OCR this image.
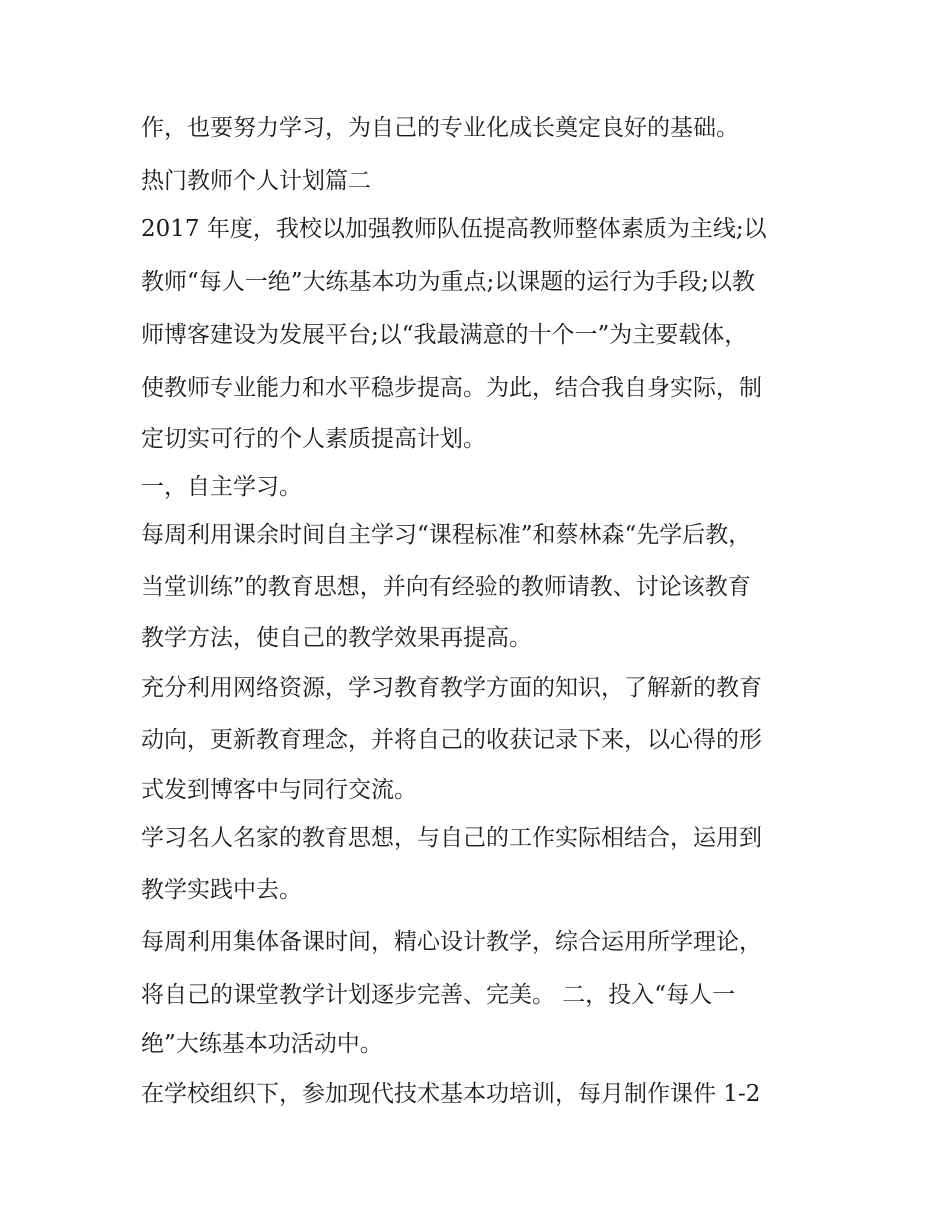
作，也要努力学习，为自己的专业化成长奠定良好的基础。
热门教师个人计划篇二
2017 年度，我校以加强教师队伍提高教师整体素质为主线;以
教师“每人一绝”大练基本功为重点;以课题的运行为手段;以教
师博客建设为发展平台;以“我最满意的十个一”为主要载体，
使教师专业能力和水平稳步提高。为此，结合我自身实际，制
定切实可行的个人素质提高计划。
一，自主学习。
每周利用课余时间自主学习“课程标准”和蔡林森“先学后教，
当堂训练”的教育思想，并向有经验的教师请教、讨论该教育
教学方法，使自己的教学效果再提高。
充分利用网络资源，学习教育教学方面的知识，了解新的教育
动向，更新教育理念，并将自己的收获记录下来，以心得的形
式发到博客中与同行交流。
学习名人名家的教育思想，与自己的工作实际相结合，运用到
教学实践中去。
每周利用集体备课时间，精心设计教学，综合运用所学理论，
将自己的课堂教学计划逐步完善、完美。 二，投入“每人一
绝”大练基本功活动中。
在学校组织下，参加现代技术基本功培训，每月制作课件 1-2
